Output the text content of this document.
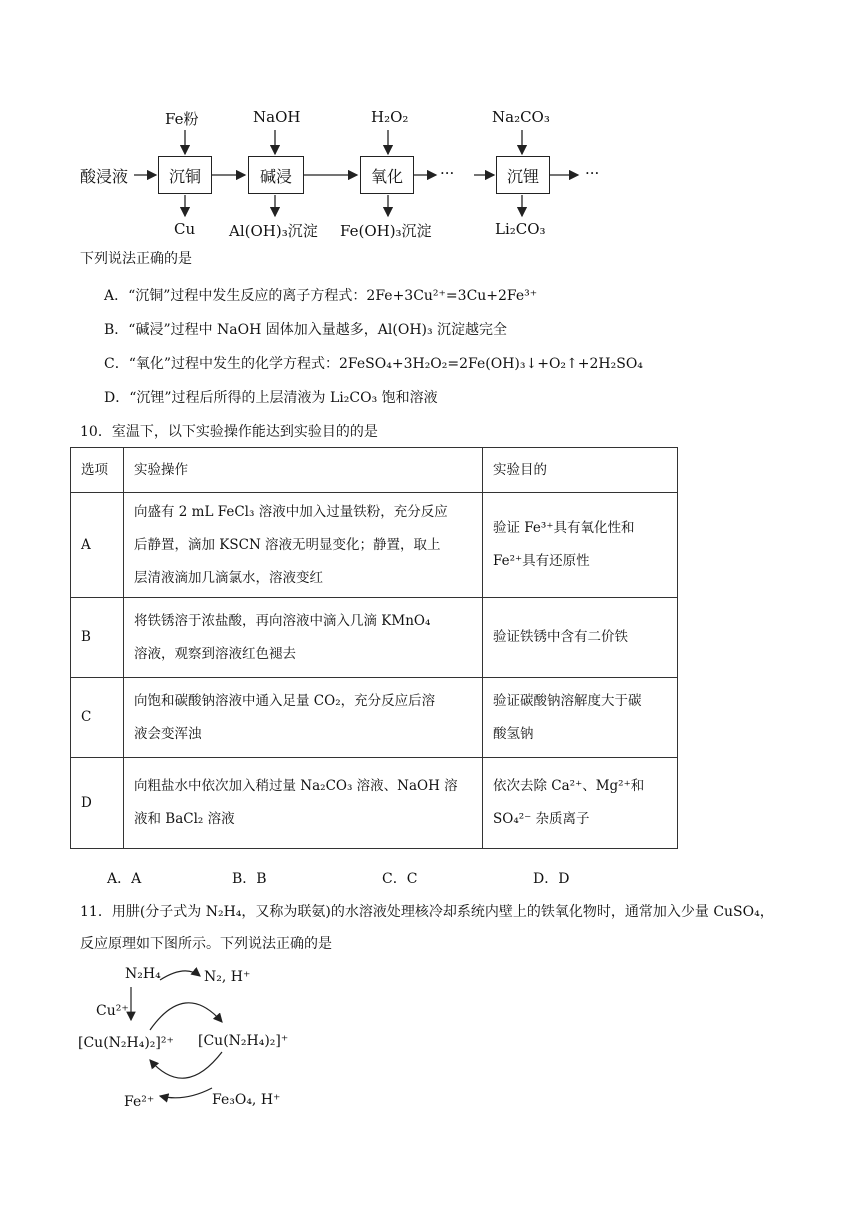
酸浸液	沉铜	碱浸	氧化	沉锂
Fe粉	NaOH	H₂O₂	Na₂CO₃
···	···
Cu Al(OH)₃沉淀 Fe(OH)₃沉淀	Li₂CO₃
下列说法正确的是
A．“沉铜”过程中发生反应的离子方程式：2Fe+3Cu²⁺=3Cu+2Fe³⁺
B．“碱浸”过程中 NaOH 固体加入量越多，Al(OH)₃ 沉淀越完全
C．“氧化”过程中发生的化学方程式：2FeSO₄+3H₂O₂=2Fe(OH)₃↓+O₂↑+2H₂SO₄
D．“沉锂”过程后所得的上层清液为 Li₂CO₃ 饱和溶液
10．室温下，以下实验操作能达到实验目的的是
选项	实验操作	实验目的
A	向盛有 2 mL FeCl₃ 溶液中加入过量铁粉，充分反应
后静置，滴加 KSCN 溶液无明显变化；静置，取上
层清液滴加几滴氯水，溶液变红	验证 Fe³⁺具有氧化性和
Fe²⁺具有还原性

B	将铁锈溶于浓盐酸，再向溶液中滴入几滴 KMnO₄
溶液，观察到溶液红色褪去	验证铁锈中含有二价铁

C	向饱和碳酸钠溶液中通入足量 CO₂，充分反应后溶
液会变浑浊	验证碳酸钠溶解度大于碳
酸氢钠

D	向粗盐水中依次加入稍过量 Na₂CO₃ 溶液、NaOH 溶
液和 BaCl₂ 溶液	依次去除 Ca²⁺、Mg²⁺和
SO₄²⁻ 杂质离子
A．A	B．B	C．C	D．D
11．用肼(分子式为 N₂H₄，又称为联氨)的水溶液处理核冷却系统内壁上的铁氧化物时，通常加入少量 CuSO₄，
反应原理如下图所示。下列说法正确的是
N₂H₄	N₂, H⁺
Cu²⁺
[Cu(N₂H₄)₂]²⁺ [Cu(N₂H₄)₂]⁺
Fe²⁺	Fe₃O₄, H⁺
